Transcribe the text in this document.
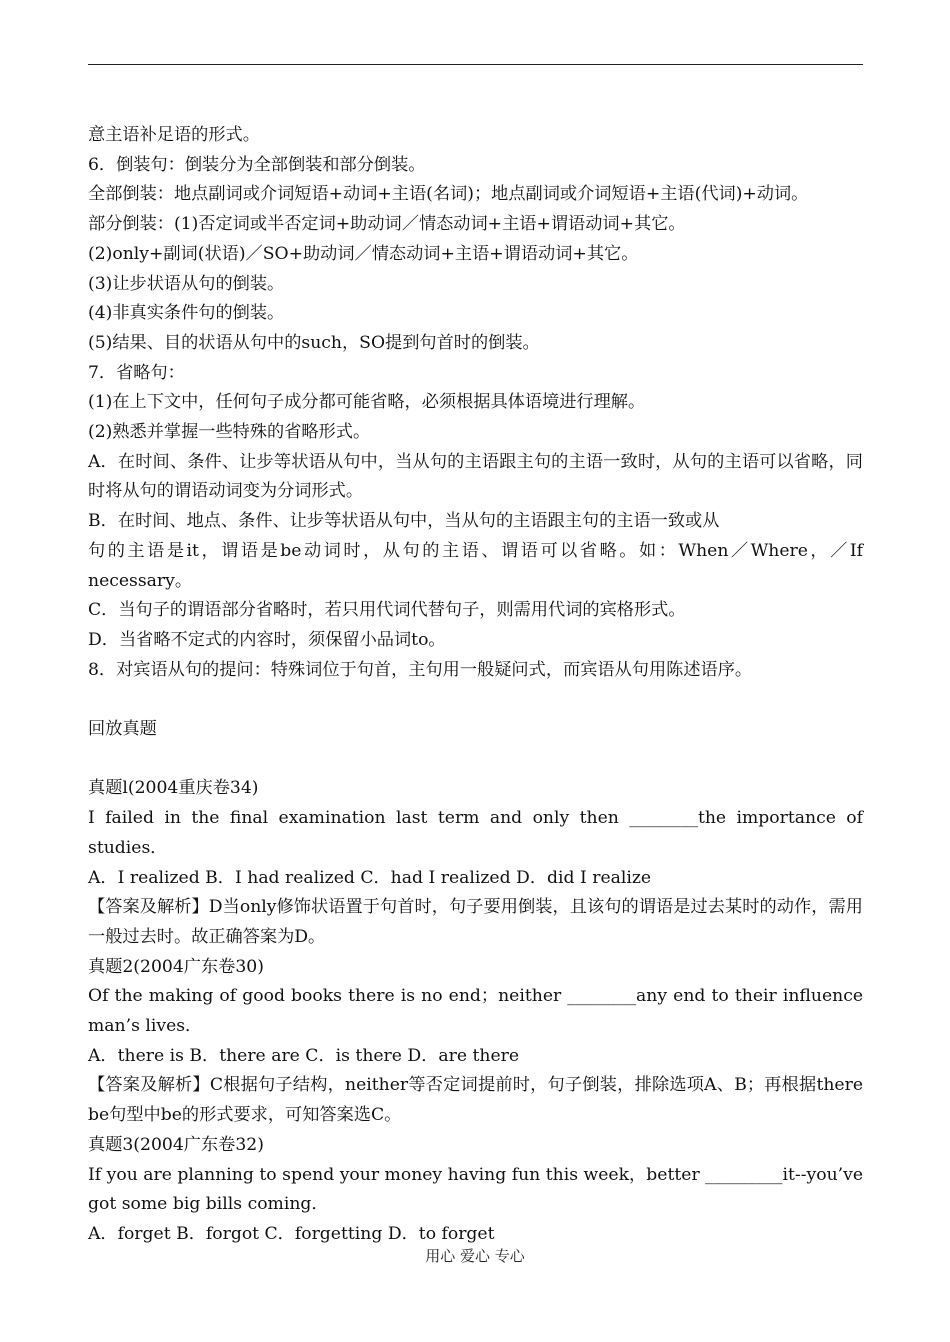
意主语补足语的形式。

6．倒装句：倒装分为全部倒装和部分倒装。

全部倒装：地点副词或介词短语+动词+主语(名词)；地点副词或介词短语+主语(代词)+动词。

部分倒装：(1)否定词或半否定词+助动词／情态动词+主语+谓语动词+其它。

(2)only+副词(状语)／SO+助动词／情态动词+主语+谓语动词+其它。

(3)让步状语从句的倒装。

(4)非真实条件句的倒装。

(5)结果、目的状语从句中的such，SO提到句首时的倒装。

7．省略句：

(1)在上下文中，任何句子成分都可能省略，必须根据具体语境进行理解。

(2)熟悉并掌握一些特殊的省略形式。

A．在时间、条件、让步等状语从句中，当从句的主语跟主句的主语一致时，从句的主语可以省略，同时将从句的谓语动词变为分词形式。

B．在时间、地点、条件、让步等状语从句中，当从句的主语跟主句的主语一致或从

句的主语是it，谓语是be动词时，从句的主语、谓语可以省略。如：When／Where，／If necessary。

C．当句子的谓语部分省略时，若只用代词代替句子，则需用代词的宾格形式。

D．当省略不定式的内容时，须保留小品词to。

8．对宾语从句的提问：特殊词位于句首，主句用一般疑问式，而宾语从句用陈述语序。

回放真题

真题l(2004重庆卷34)

I failed in the final examination last term and only then ________the importance of studies．

A．I realized B．I had realized C．had I realized D．did I realize

【答案及解析】D当only修饰状语置于句首时，句子要用倒装，且该句的谓语是过去某时的动作，需用一般过去时。故正确答案为D。

真题2(2004广东卷30)

Of the making of good books there is no end；neither ________any end to their influence man’s lives．

A．there is B．there are C．is there D．are there

【答案及解析】C根据句子结构，neither等否定词提前时，句子倒装，排除选项A、B；再根据there be句型中be的形式要求，可知答案选C。

真题3(2004广东卷32)

If you are planning to spend your money having fun this week，better _________it--you’ve got some big bills coming．

A．forget B．forgot C．forgetting D．to forget

用心 爱心 专心
